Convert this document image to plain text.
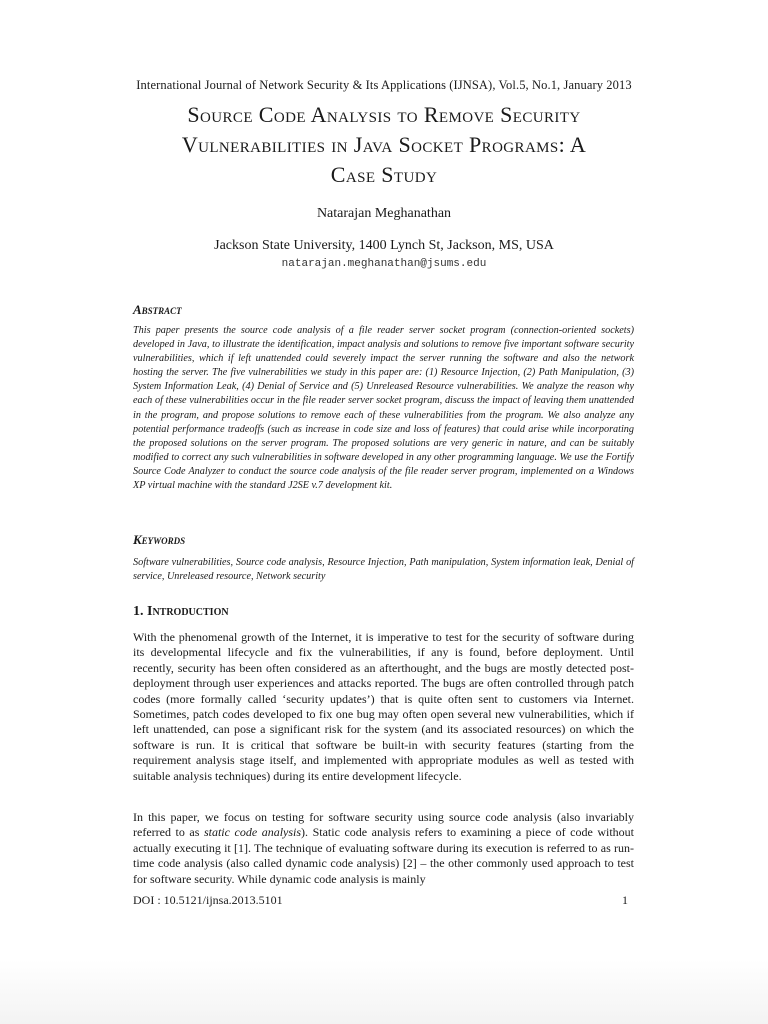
International Journal of Network Security & Its Applications (IJNSA), Vol.5, No.1, January 2013
Source Code Analysis to Remove Security
Vulnerabilities in Java Socket Programs: A
Case Study
Natarajan Meghanathan
Jackson State University, 1400 Lynch St, Jackson, MS, USA
natarajan.meghanathan@jsums.edu
Abstract

This paper presents the source code analysis of a file reader server socket program (connection-oriented sockets) developed in Java, to illustrate the identification, impact analysis and solutions to remove five important software security vulnerabilities, which if left unattended could severely impact the server running the software and also the network hosting the server. The five vulnerabilities we study in this paper are: (1) Resource Injection, (2) Path Manipulation, (3) System Information Leak, (4) Denial of Service and (5) Unreleased Resource vulnerabilities. We analyze the reason why each of these vulnerabilities occur in the file reader server socket program, discuss the impact of leaving them unattended in the program, and propose solutions to remove each of these vulnerabilities from the program. We also analyze any potential performance tradeoffs (such as increase in code size and loss of features) that could arise while incorporating the proposed solutions on the server program. The proposed solutions are very generic in nature, and can be suitably modified to correct any such vulnerabilities in software developed in any other programming language. We use the Fortify Source Code Analyzer to conduct the source code analysis of the file reader server program, implemented on a Windows XP virtual machine with the standard J2SE v.7 development kit.

Keywords

Software vulnerabilities, Source code analysis, Resource Injection, Path manipulation, System information leak, Denial of service, Unreleased resource, Network security

1. Introduction

With the phenomenal growth of the Internet, it is imperative to test for the security of software during its developmental lifecycle and fix the vulnerabilities, if any is found, before deployment. Until recently, security has been often considered as an afterthought, and the bugs are mostly detected post-deployment through user experiences and attacks reported. The bugs are often controlled through patch codes (more formally called ‘security updates’) that is quite often sent to customers via Internet. Sometimes, patch codes developed to fix one bug may often open several new vulnerabilities, which if left unattended, can pose a significant risk for the system (and its associated resources) on which the software is run. It is critical that software be built-in with security features (starting from the requirement analysis stage itself, and implemented with appropriate modules as well as tested with suitable analysis techniques) during its entire development lifecycle.

In this paper, we focus on testing for software security using source code analysis (also invariably referred to as static code analysis). Static code analysis refers to examining a piece of code without actually executing it [1]. The technique of evaluating software during its execution is referred to as run-time code analysis (also called dynamic code analysis) [2] – the other commonly used approach to test for software security. While dynamic code analysis is mainly

DOI : 10.5121/ijnsa.2013.5101	1
